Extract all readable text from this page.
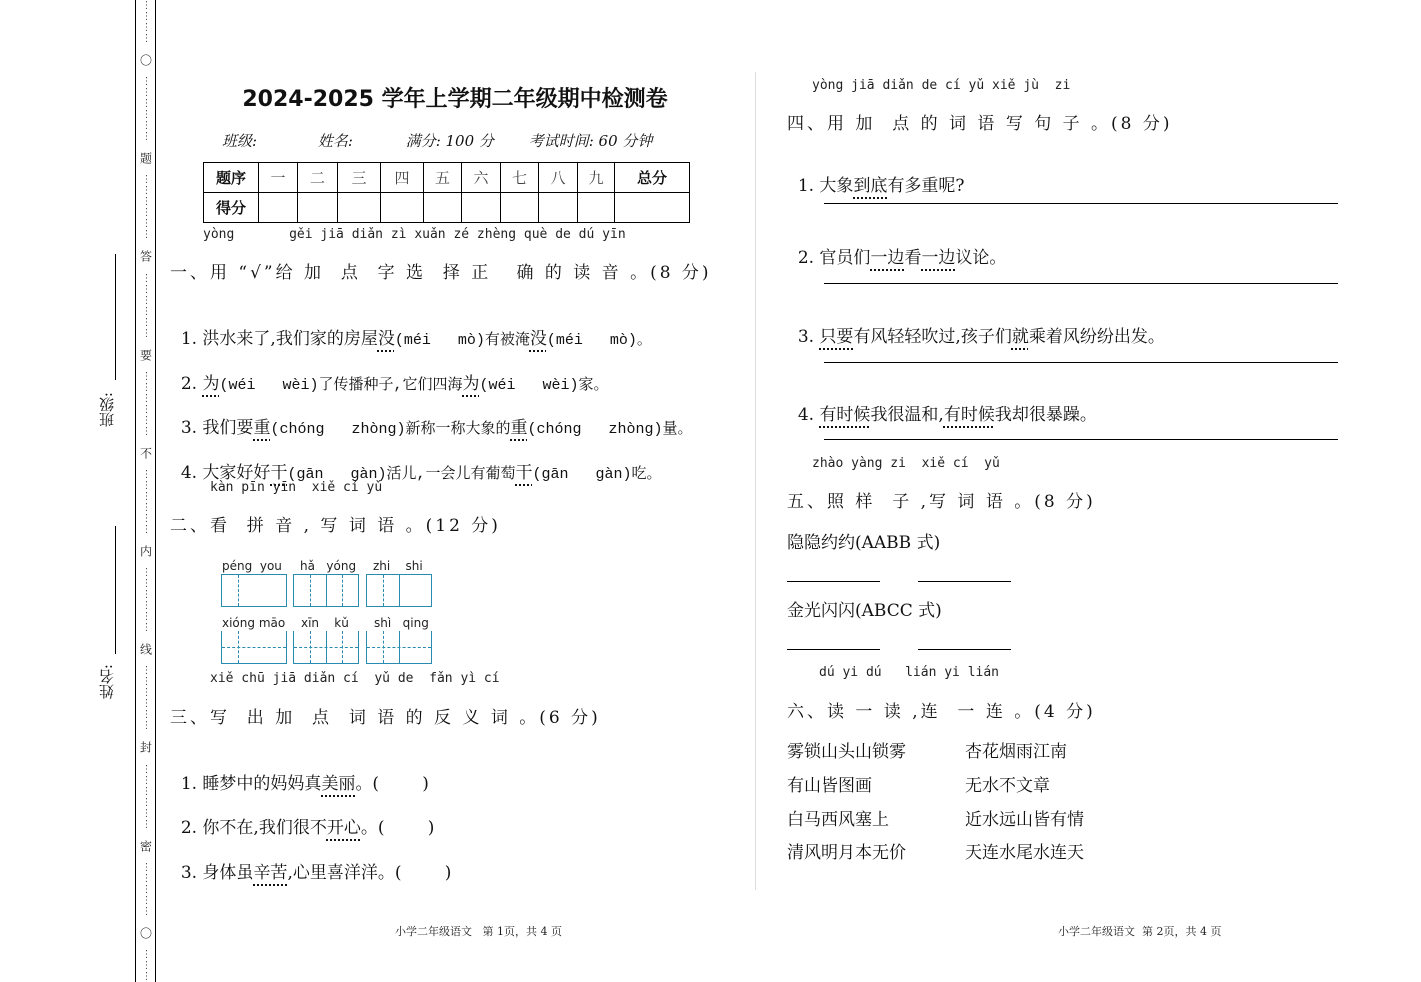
⋯⋯⋯⋯
〇
⋯⋯⋯⋯⋯⋯
题
⋯⋯⋯⋯⋯⋯
答
⋯⋯⋯⋯⋯⋯
要
⋯⋯⋯⋯⋯⋯
不
⋯⋯⋯⋯⋯⋯
内
⋯⋯⋯⋯⋯⋯
线
⋯⋯⋯⋯⋯⋯
封
⋯⋯⋯⋯⋯⋯
密
⋯⋯⋯⋯⋯
〇
⋯⋯⋯
班级:
姓名:
2024-2025 学年上学期二年级期中检测卷
班级:	姓名:	满分: 100 分 考试时间: 60 分钟
题序	一	二	三	四	五	六	七	八	九	总分
得分										
yòng       gěi jiā diǎn zì xuǎn zé zhèng què de dú yīn
一、用 “√”给 加  点  字 选  择 正   确 的 读 音 。(8 分)

1. 洪水来了,我们家的房屋没(méi   mò)有被淹没(méi   mò)。

2. 为(wéi   wèi)了传播种子,它们四海为(wéi   wèi)家。

3. 我们要重(chóng   zhòng)新称一称大象的重(chóng   zhòng)量。

4. 大家好好干(gān   gàn)活儿,一会儿有葡萄干(gān   gàn)吃。

kàn pīn yīn  xiě cí yǔ
二、看  拼 音 , 写 词 语 。(12 分)
péng  you hǎ   yóng zhi    shi
xióng māo xīn    kǔ shì   qing
xiě chū jiā diǎn cí  yǔ de  fǎn yì cí
三、写  出 加  点  词 语 的 反 义 词 。(6 分)

1. 睡梦中的妈妈真美丽。(        )

2. 你不在,我们很不开心。(        )

3. 身体虽辛苦,心里喜洋洋。(        )

yòng jiā diǎn de cí yǔ xiě jù  zi
四、用 加  点 的 词 语 写 句 子 。(8 分)

1. 大象到底有多重呢?

2. 官员们一边看一边议论。

3. 只要有风轻轻吹过,孩子们就乘着风纷纷出发。

4. 有时候我很温和,有时候我却很暴躁。

zhào yàng zi  xiě cí  yǔ
五、照 样  子 ,写 词 语 。(8 分)
隐隐约约(AABB 式)
金光闪闪(ABCC 式)
dú yi dú   lián yi lián
六、读 一 读 ,连  一 连 。(4 分)
雾锁山头山锁雾	杏花烟雨江南
有山皆图画	无水不文章
白马西风塞上	近水远山皆有情
清风明月本无价	天连水尾水连天
小学二年级语文   第 1页，共 4 页	小学二年级语文  第 2页，共 4 页
